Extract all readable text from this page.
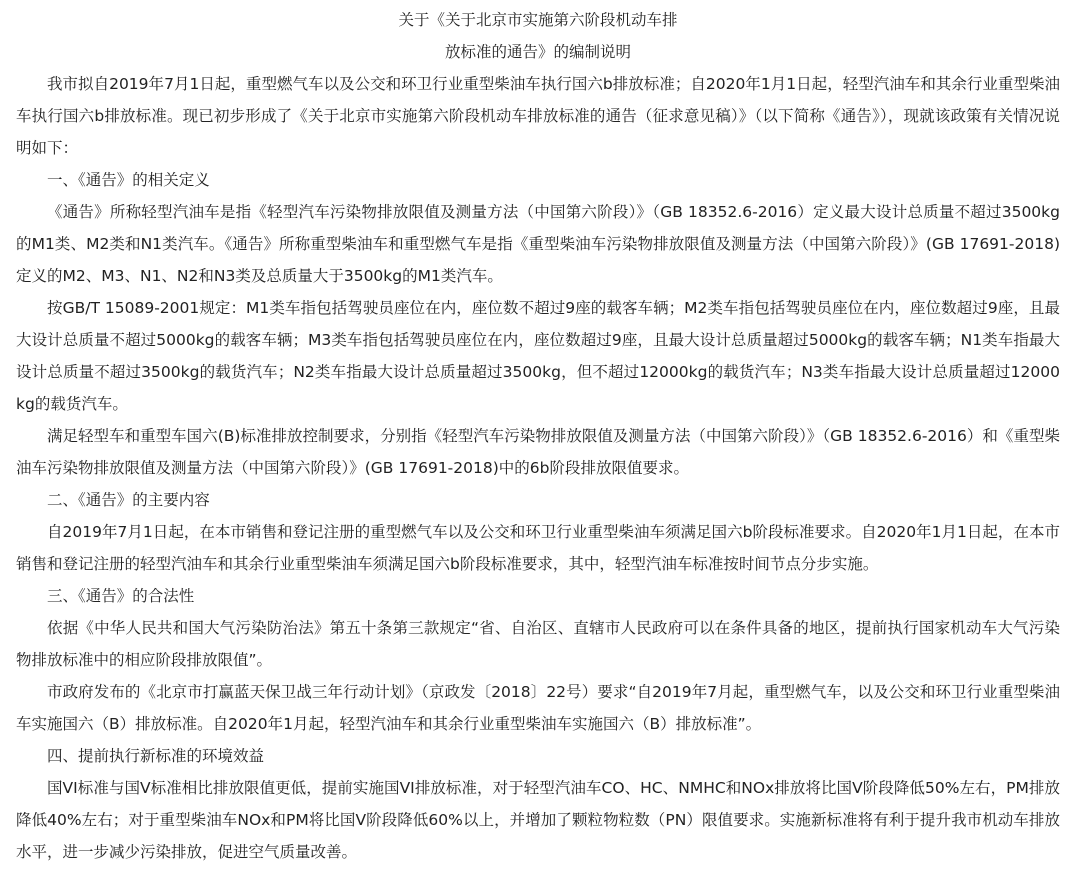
关于《关于北京市实施第六阶段机动车排
放标准的通告》的编制说明

我市拟自2019年7月1日起，重型燃气车以及公交和环卫行业重型柴油车执行国六b排放标准；自2020年1月1日起，轻型汽油车和其余行业重型柴油车执行国六b排放标准。现已初步形成了《关于北京市实施第六阶段机动车排放标准的通告（征求意见稿）》（以下简称《通告》），现就该政策有关情况说明如下：

一、《通告》的相关定义

《通告》所称轻型汽油车是指《轻型汽车污染物排放限值及测量方法（中国第六阶段）》（GB 18352.6-2016）定义最大设计总质量不超过3500kg的M1类、M2类和N1类汽车。《通告》所称重型柴油车和重型燃气车是指《重型柴油车污染物排放限值及测量方法（中国第六阶段）》(GB 17691-2018)定义的M2、M3、N1、N2和N3类及总质量大于3500kg的M1类汽车。

按GB/T 15089-2001规定：M1类车指包括驾驶员座位在内，座位数不超过9座的载客车辆；M2类车指包括驾驶员座位在内，座位数超过9座，且最大设计总质量不超过5000kg的载客车辆；M3类车指包括驾驶员座位在内，座位数超过9座，且最大设计总质量超过5000kg的载客车辆；N1类车指最大设计总质量不超过3500kg的载货汽车；N2类车指最大设计总质量超过3500kg，但不超过12000kg的载货汽车；N3类车指最大设计总质量超过12000kg的载货汽车。

满足轻型车和重型车国六(B)标准排放控制要求，分别指《轻型汽车污染物排放限值及测量方法（中国第六阶段）》（GB 18352.6-2016）和《重型柴油车污染物排放限值及测量方法（中国第六阶段）》(GB 17691-2018)中的6b阶段排放限值要求。

二、《通告》的主要内容

自2019年7月1日起，在本市销售和登记注册的重型燃气车以及公交和环卫行业重型柴油车须满足国六b阶段标准要求。自2020年1月1日起，在本市销售和登记注册的轻型汽油车和其余行业重型柴油车须满足国六b阶段标准要求，其中，轻型汽油车标准按时间节点分步实施。

三、《通告》的合法性

依据《中华人民共和国大气污染防治法》第五十条第三款规定“省、自治区、直辖市人民政府可以在条件具备的地区，提前执行国家机动车大气污染物排放标准中的相应阶段排放限值”。

市政府发布的《北京市打赢蓝天保卫战三年行动计划》（京政发〔2018〕22号）要求“自2019年7月起，重型燃气车，以及公交和环卫行业重型柴油车实施国六（B）排放标准。自2020年1月起，轻型汽油车和其余行业重型柴油车实施国六（B）排放标准”。

四、提前执行新标准的环境效益

国VI标准与国V标准相比排放限值更低，提前实施国VI排放标准，对于轻型汽油车CO、HC、NMHC和NOx排放将比国V阶段降低50%左右，PM排放降低40%左右；对于重型柴油车NOx和PM将比国V阶段降低60%以上，并增加了颗粒物粒数（PN）限值要求。实施新标准将有利于提升我市机动车排放水平，进一步减少污染排放，促进空气质量改善。
